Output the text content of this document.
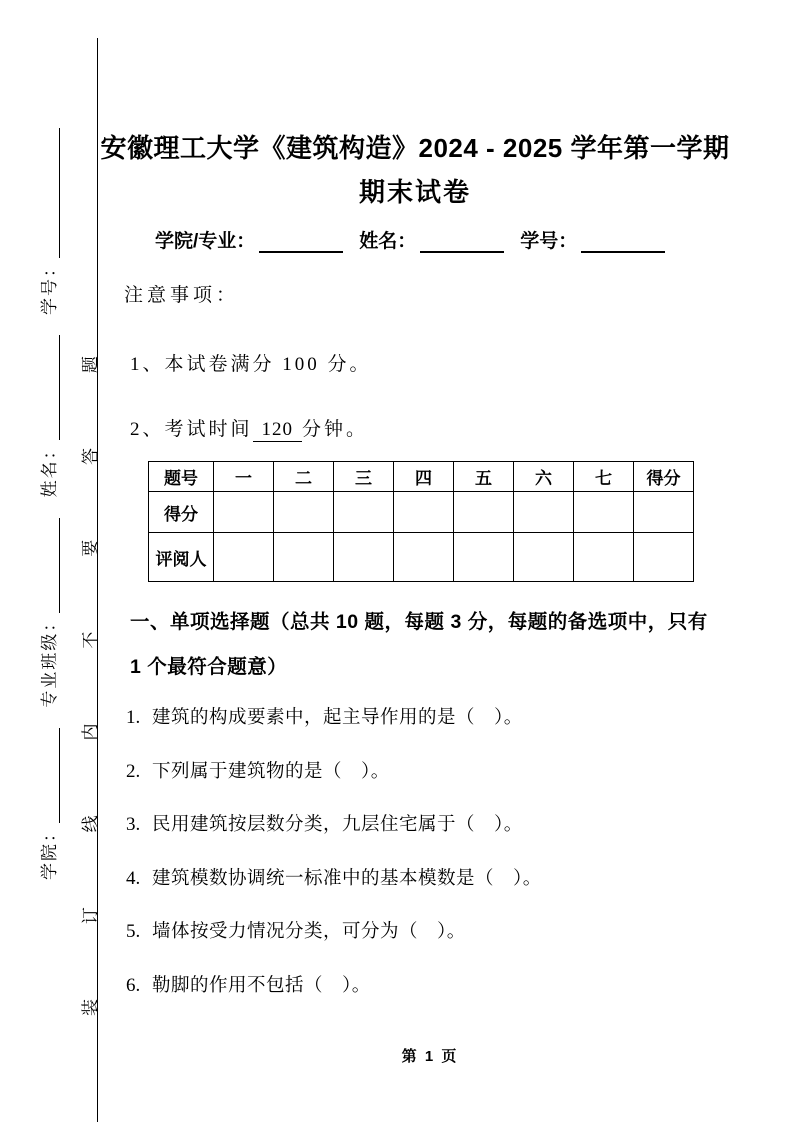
学院：
专业班级：
姓名：
学号：
装
订
线
内
不
要
答
题
安徽理工大学《建筑构造》2024 - 2025 学年第一学期
期末试卷
学院/专业：	姓名：	学号：
注意事项：
1、本试卷满分 100 分。
2、考试时间 120 分钟。
题号	一	二	三	四	五	六	七	得分
得分								
评阅人								
一、单项选择题（总共 10 题，每题 3 分，每题的备选项中，只有 1 个最符合题意）
1. 建筑的构成要素中，起主导作用的是（　）。
2. 下列属于建筑物的是（　）。
3. 民用建筑按层数分类，九层住宅属于（　）。
4. 建筑模数协调统一标准中的基本模数是（　）。
5. 墙体按受力情况分类，可分为（　）。
6. 勒脚的作用不包括（　）。
第 1 页
